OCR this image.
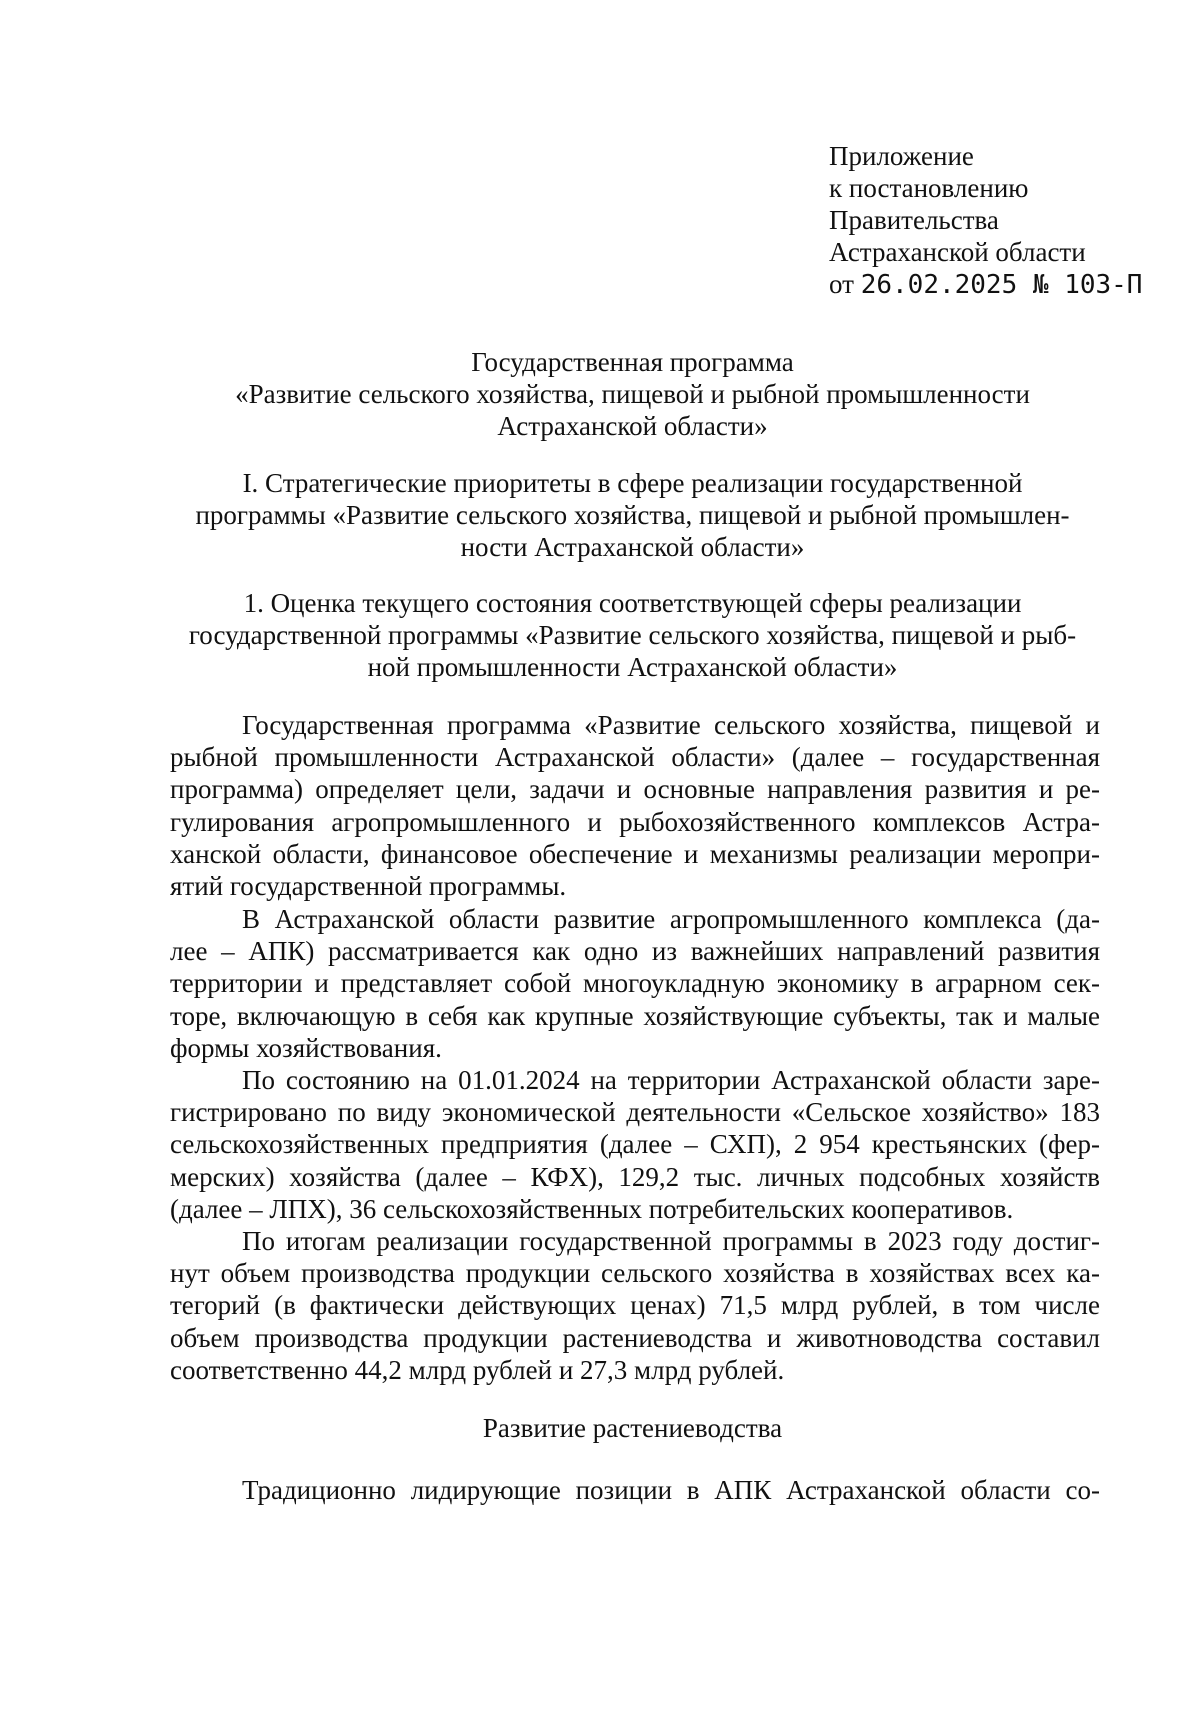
Приложение
к постановлению
Правительства
Астраханской области
от 26.02.2025 № 103-П
Государственная программа
«Развитие сельского хозяйства, пищевой и рыбной промышленности
Астраханской области»
I. Стратегические приоритеты в сфере реализации государственной
программы «Развитие сельского хозяйства, пищевой и рыбной промышлен-
ности Астраханской области»
1. Оценка текущего состояния соответствующей сферы реализации
государственной программы «Развитие сельского хозяйства, пищевой и рыб-
ной промышленности Астраханской области»
Государственная программа «Развитие сельского хозяйства, пищевой и
рыбной промышленности Астраханской области» (далее – государственная
программа) определяет цели, задачи и основные направления развития и ре-
гулирования агропромышленного и рыбохозяйственного комплексов Астра-
ханской области, финансовое обеспечение и механизмы реализации меропри-
ятий государственной программы.
В Астраханской области развитие агропромышленного комплекса (да-
лее – АПК) рассматривается как одно из важнейших направлений развития
территории и представляет собой многоукладную экономику в аграрном сек-
торе, включающую в себя как крупные хозяйствующие субъекты, так и малые
формы хозяйствования.
По состоянию на 01.01.2024 на территории Астраханской области заре-
гистрировано по виду экономической деятельности «Сельское хозяйство» 183
сельскохозяйственных предприятия (далее – СХП), 2 954 крестьянских (фер-
мерских) хозяйства (далее – КФХ), 129,2 тыс. личных подсобных хозяйств
(далее – ЛПХ), 36 сельскохозяйственных потребительских кооперативов.
По итогам реализации государственной программы в 2023 году достиг-
нут объем производства продукции сельского хозяйства в хозяйствах всех ка-
тегорий (в фактически действующих ценах) 71,5 млрд рублей, в том числе
объем производства продукции растениеводства и животноводства составил
соответственно 44,2 млрд рублей и 27,3 млрд рублей.
Развитие растениеводства
Традиционно лидирующие позиции в АПК Астраханской области со-
